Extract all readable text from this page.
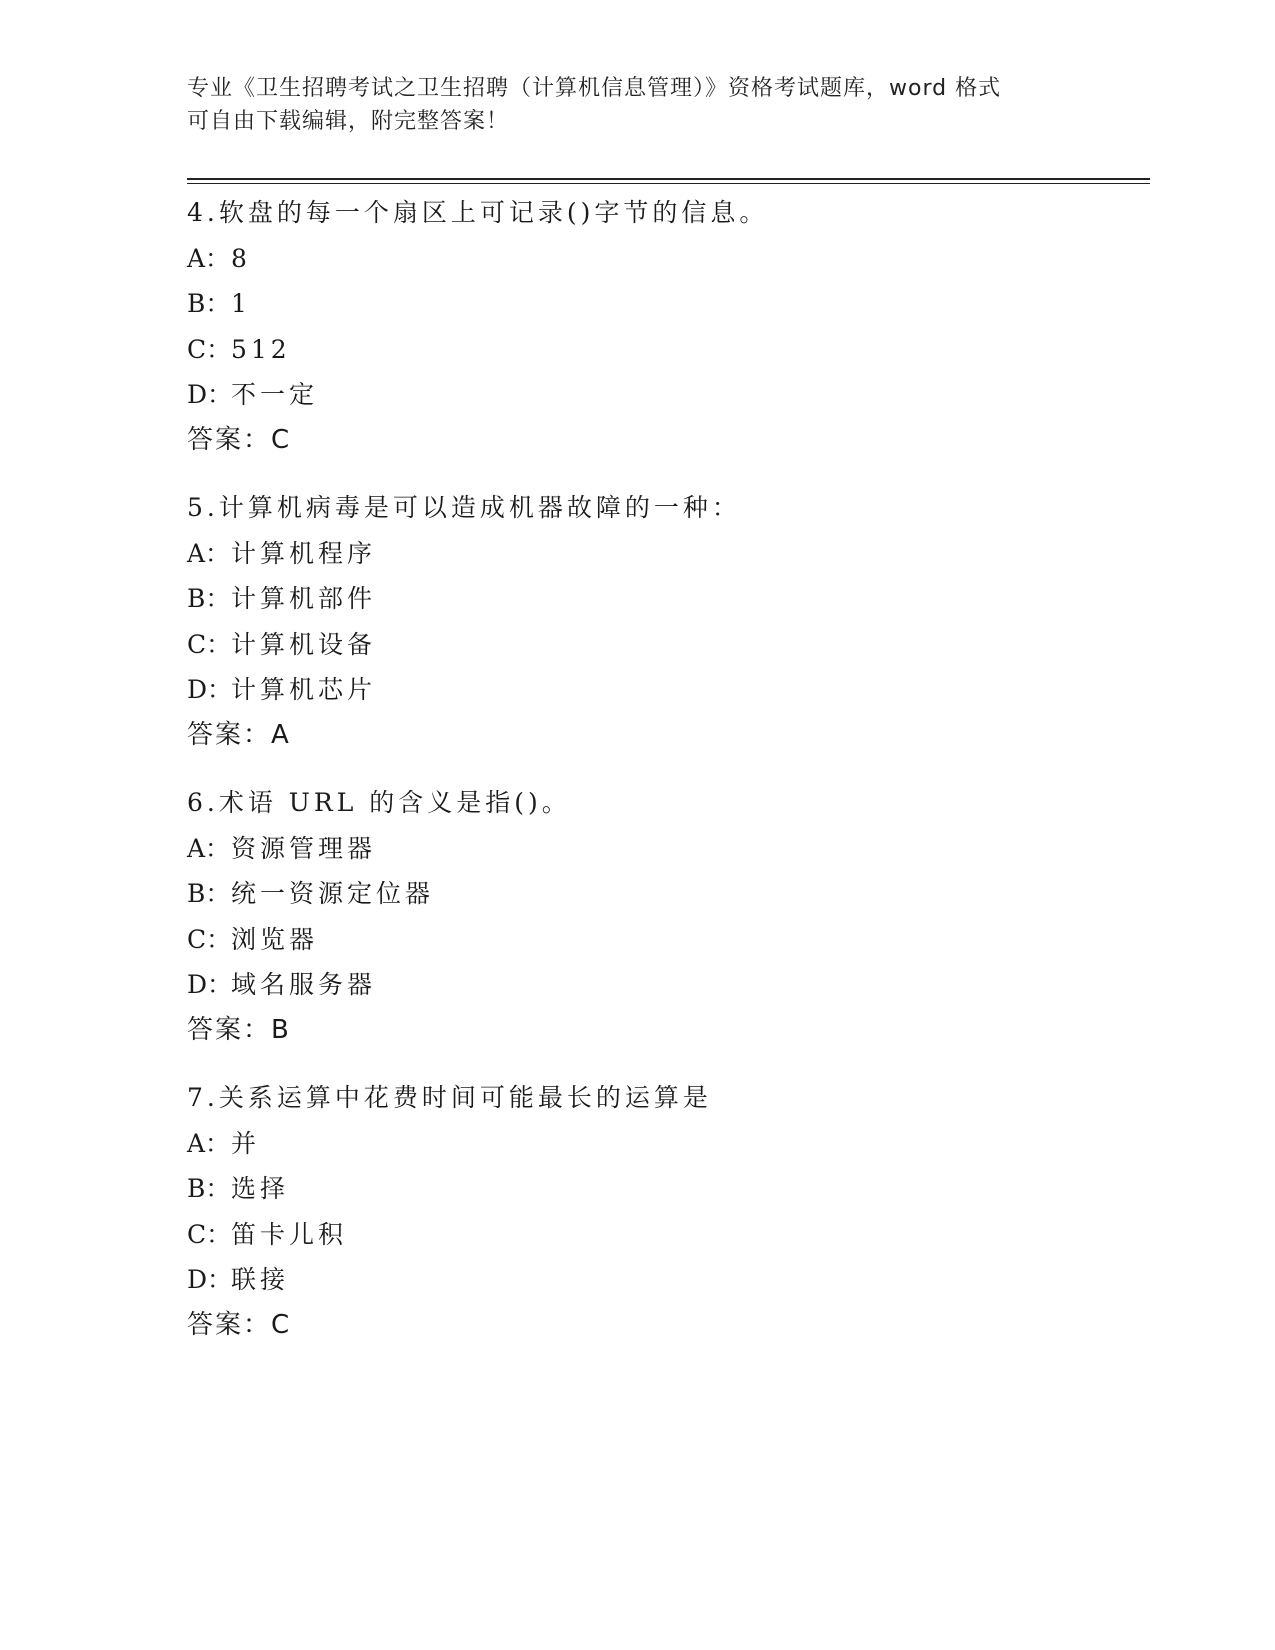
专业《卫生招聘考试之卫生招聘（计算机信息管理）》资格考试题库，word 格式
可自由下载编辑，附完整答案！
4.软盘的每一个扇区上可记录()字节的信息。
A：8
B：1
C：512
D：不一定
答案：C
5.计算机病毒是可以造成机器故障的一种：
A：计算机程序
B：计算机部件
C：计算机设备
D：计算机芯片
答案：A
6.术语 URL 的含义是指()。
A：资源管理器
B：统一资源定位器
C：浏览器
D：域名服务器
答案：B
7.关系运算中花费时间可能最长的运算是
A：并
B：选择
C：笛卡儿积
D：联接
答案：C
